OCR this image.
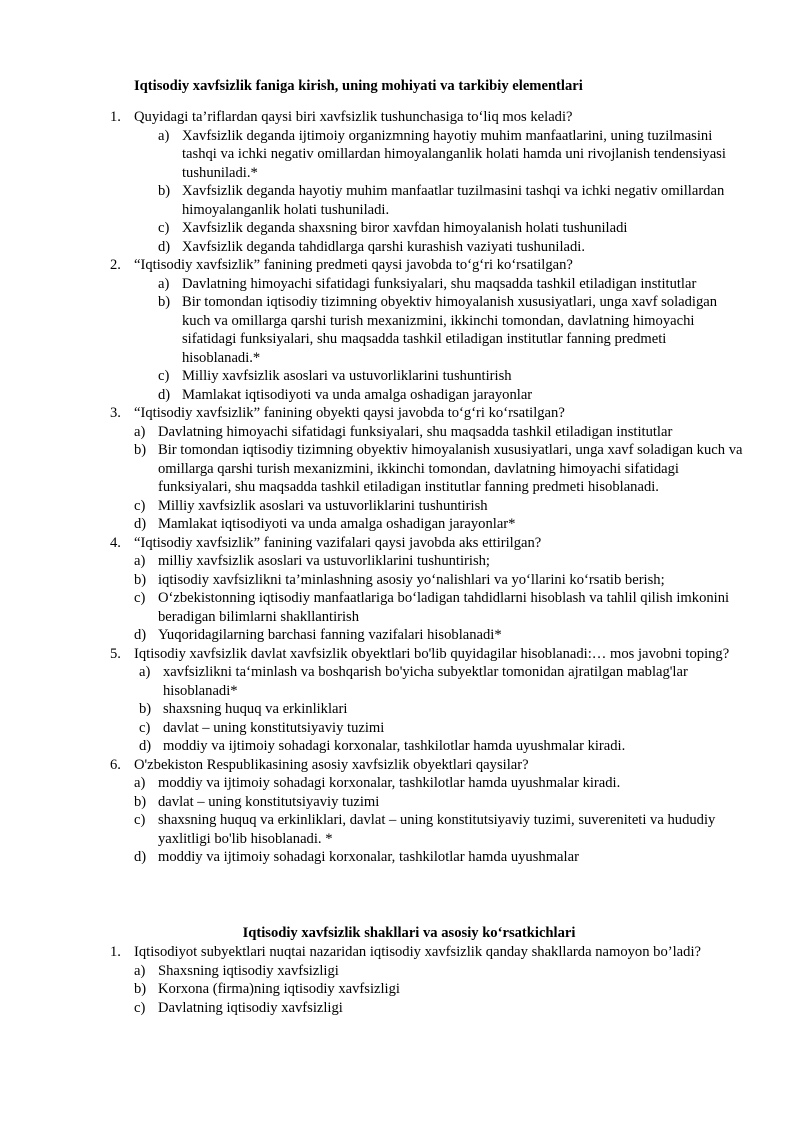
Iqtisodiy xavfsizlik faniga kirish, uning mohiyati va tarkibiy elementlari
1. Quyidagi ta’riflardan qaysi biri xavfsizlik tushunchasiga to‘liq mos keladi?
a) Xavfsizlik deganda ijtimoiy organizmning hayotiy muhim manfaatlarini, uning tuzilmasini tashqi va ichki negativ omillardan himoyalanganlik holati hamda uni rivojlanish tendensiyasi tushuniladi.*
b) Xavfsizlik deganda hayotiy muhim manfaatlar tuzilmasini tashqi va ichki negativ omillardan himoyalanganlik holati tushuniladi.
c) Xavfsizlik deganda shaxsning biror xavfdan himoyalanish holati tushuniladi
d) Xavfsizlik deganda tahdidlarga qarshi kurashish vaziyati tushuniladi.
2. “Iqtisodiy xavfsizlik” fanining predmeti qaysi javobda to‘g‘ri ko‘rsatilgan?
a) Davlatning himoyachi sifatidagi funksiyalari, shu maqsadda tashkil etiladigan institutlar
b) Bir tomondan iqtisodiy tizimning obyektiv himoyalanish xususiyatlari, unga xavf soladigan kuch va omillarga qarshi turish mexanizmini, ikkinchi tomondan, davlatning himoyachi sifatidagi funksiyalari, shu maqsadda tashkil etiladigan institutlar fanning predmeti hisoblanadi.*
c) Milliy xavfsizlik asoslari va ustuvorliklarini tushuntirish
d) Mamlakat iqtisodiyoti va unda amalga oshadigan jarayonlar
3. “Iqtisodiy xavfsizlik” fanining obyekti qaysi javobda to‘g‘ri ko‘rsatilgan?
a) Davlatning himoyachi sifatidagi funksiyalari, shu maqsadda tashkil etiladigan institutlar
b) Bir tomondan iqtisodiy tizimning obyektiv himoyalanish xususiyatlari, unga xavf soladigan kuch va omillarga qarshi turish mexanizmini, ikkinchi tomondan, davlatning himoyachi sifatidagi funksiyalari, shu maqsadda tashkil etiladigan institutlar fanning predmeti hisoblanadi.
c) Milliy xavfsizlik asoslari va ustuvorliklarini tushuntirish
d) Mamlakat iqtisodiyoti va unda amalga oshadigan jarayonlar*
4. “Iqtisodiy xavfsizlik” fanining vazifalari qaysi javobda aks ettirilgan?
a) milliy xavfsizlik asoslari va ustuvorliklarini tushuntirish;
b) iqtisodiy xavfsizlikni ta’minlashning asosiy yo‘nalishlari va yo‘llarini ko‘rsatib berish;
c) O‘zbekistonning iqtisodiy manfaatlariga bo‘ladigan tahdidlarni hisoblash va tahlil qilish imkonini beradigan bilimlarni shakllantirish
d) Yuqoridagilarning barchasi fanning vazifalari hisoblanadi*
5. Iqtisodiy xavfsizlik davlat xavfsizlik obyektlari bo'lib quyidagilar hisoblanadi:… mos javobni toping?
a) xavfsizlikni ta‘minlash va boshqarish bo'yicha subyektlar tomonidan ajratilgan mablag'lar hisoblanadi*
b) shaxsning huquq va erkinliklari
c) davlat – uning konstitutsiyaviy tuzimi
d) moddiy va ijtimoiy sohadagi korxonalar, tashkilotlar hamda uyushmalar kiradi.
6. O'zbekiston Respublikasining asosiy xavfsizlik obyektlari qaysilar?
a) moddiy va ijtimoiy sohadagi korxonalar, tashkilotlar hamda uyushmalar kiradi.
b) davlat – uning konstitutsiyaviy tuzimi
c) shaxsning huquq va erkinliklari, davlat – uning konstitutsiyaviy tuzimi, suvereniteti va hududiy yaxlitligi bo'lib hisoblanadi. *
d) moddiy va ijtimoiy sohadagi korxonalar, tashkilotlar hamda uyushmalar
Iqtisodiy xavfsizlik shakllari va asosiy ko‘rsatkichlari
1. Iqtisodiyot subyektlari nuqtai nazaridan iqtisodiy xavfsizlik qanday shakllarda namoyon bo’ladi?
a) Shaxsning iqtisodiy xavfsizligi
b) Korxona (firma)ning iqtisodiy xavfsizligi
c) Davlatning iqtisodiy xavfsizligi
